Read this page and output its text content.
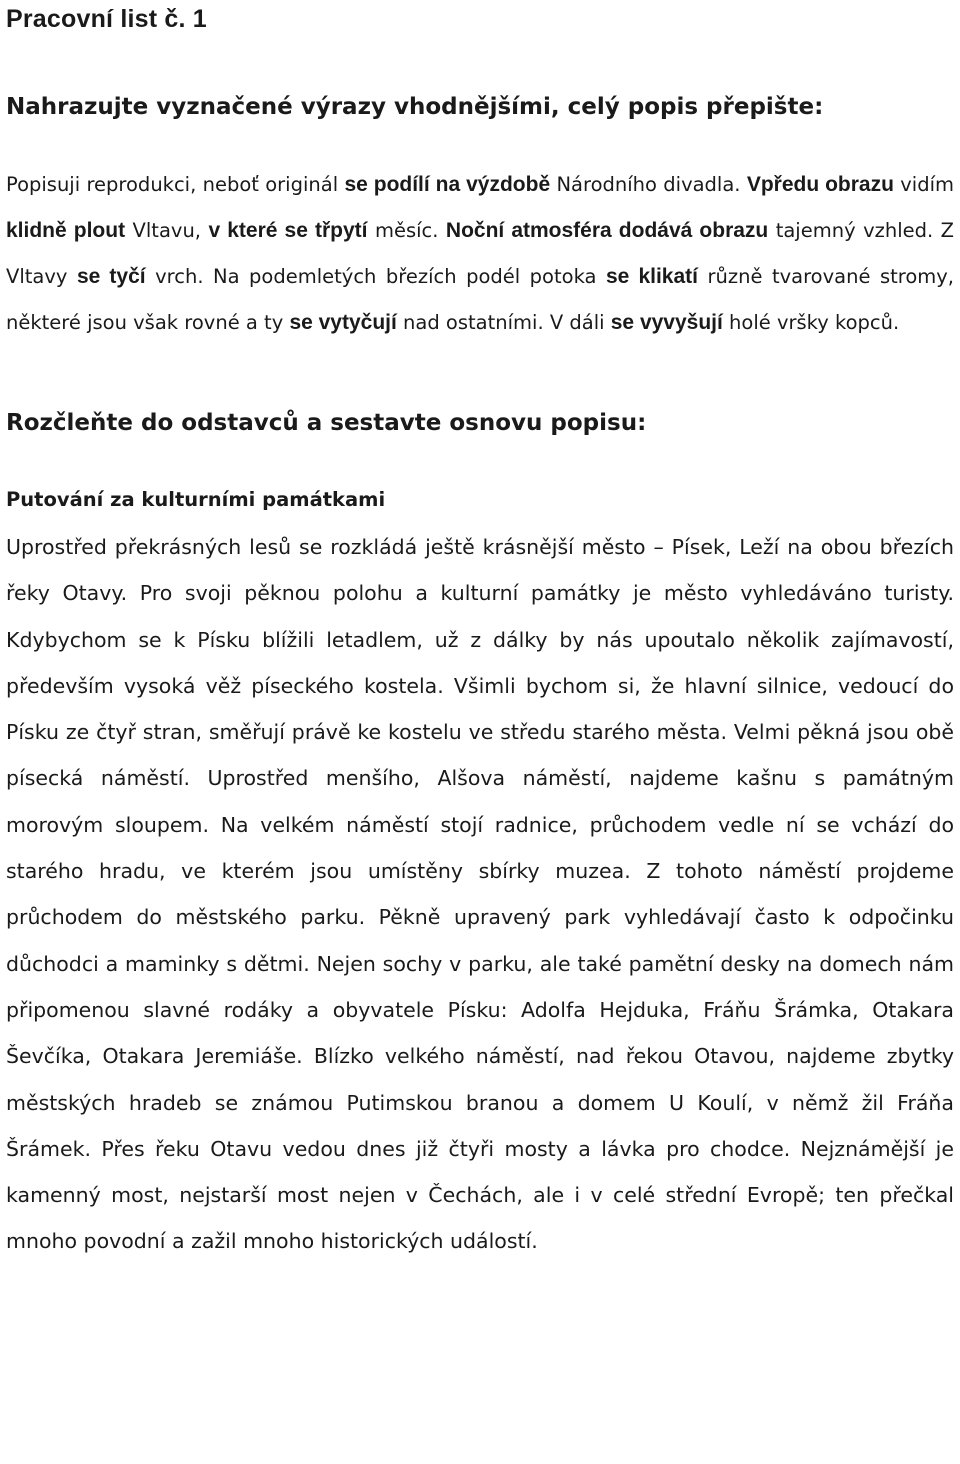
Pracovní list č. 1
Nahrazujte vyznačené výrazy vhodnějšími, celý popis přepište:

Popisuji reprodukci, neboť originál se podílí na výzdobě Národního divadla. Vpředu obrazu vidím klidně plout Vltavu, v které se třpytí měsíc. Noční atmosféra dodává obrazu tajemný vzhled. Z Vltavy se tyčí vrch. Na podemletých březích podél potoka se klikatí různě tvarované stromy, některé jsou však rovné a ty se vytyčují nad ostatními. V dáli se vyvyšují holé vršky kopců.

Rozčleňte do odstavců a sestavte osnovu popisu:
Putování za kulturními památkami

Uprostřed překrásných lesů se rozkládá ještě krásnější město – Písek, Leží na obou březích řeky Otavy. Pro svoji pěknou polohu a kulturní památky je město vyhledáváno turisty. Kdybychom se k Písku blížili letadlem, už z dálky by nás upoutalo několik zajímavostí, především vysoká věž píseckého kostela. Všimli bychom si, že hlavní silnice, vedoucí do Písku ze čtyř stran, směřují právě ke kostelu ve středu starého města. Velmi pěkná jsou obě písecká náměstí. Uprostřed menšího, Alšova náměstí, najdeme kašnu s památným morovým sloupem. Na velkém náměstí stojí radnice, průchodem vedle ní se vchází do starého hradu, ve kterém jsou umístěny sbírky muzea. Z tohoto náměstí projdeme průchodem do městského parku. Pěkně upravený park vyhledávají často k odpočinku důchodci a maminky s dětmi. Nejen sochy v parku, ale také pamětní desky na domech nám připomenou slavné rodáky a obyvatele Písku: Adolfa Hejduka, Fráňu Šrámka, Otakara Ševčíka, Otakara Jeremiáše. Blízko velkého náměstí, nad řekou Otavou, najdeme zbytky městských hradeb se známou Putimskou branou a domem U Koulí, v němž žil Fráňa Šrámek. Přes řeku Otavu vedou dnes již čtyři mosty a lávka pro chodce. Nejznámější je kamenný most, nejstarší most nejen v Čechách, ale i v celé střední Evropě; ten přečkal mnoho povodní a zažil mnoho historických událostí.
